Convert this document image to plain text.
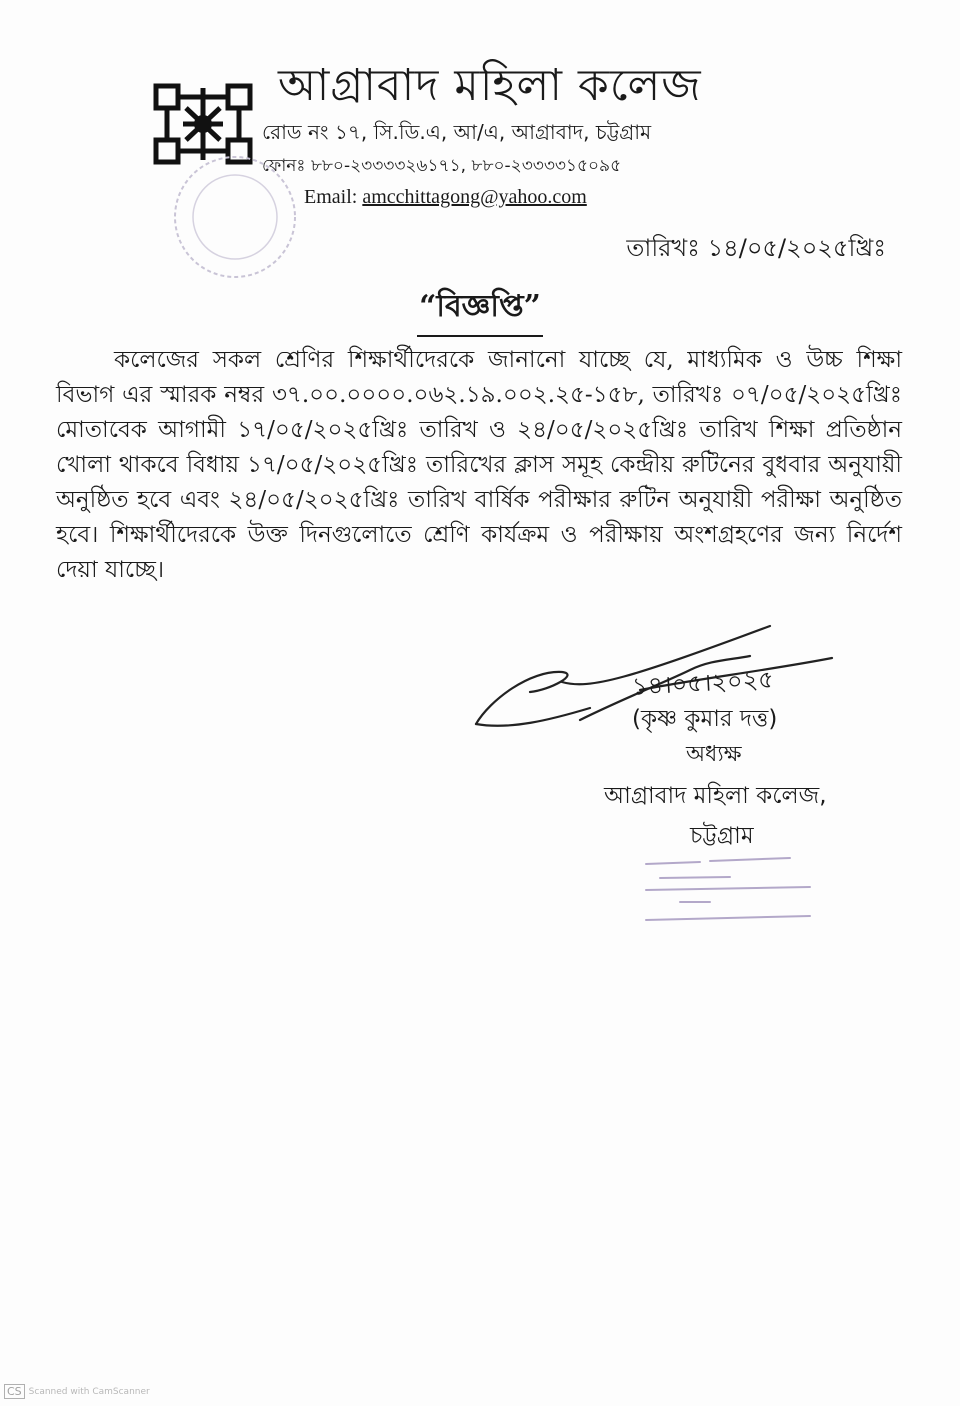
আগ্রাবাদ মহিলা কলেজ
রোড নং ১৭, সি.ডি.এ, আ/এ, আগ্রাবাদ, চট্টগ্রাম
ফোনঃ ৮৮০-২৩৩৩৩২৬১৭১, ৮৮০-২৩৩৩৩১৫০৯৫
Email: amcchittagong@yahoo.com
তারিখঃ ১৪/০৫/২০২৫খ্রিঃ
“বিজ্ঞপ্তি”
কলেজের সকল শ্রেণির শিক্ষার্থীদেরকে জানানো যাচ্ছে যে, মাধ্যমিক ও উচ্চ শিক্ষা বিভাগ এর স্মারক নম্বর ৩৭.০০.০০০০.০৬২.১৯.০০২.২৫-১৫৮, তারিখঃ ০৭/০৫/২০২৫খ্রিঃ মোতাবেক আগামী ১৭/০৫/২০২৫খ্রিঃ তারিখ ও ২৪/০৫/২০২৫খ্রিঃ তারিখ শিক্ষা প্রতিষ্ঠান খোলা থাকবে বিধায় ১৭/০৫/২০২৫খ্রিঃ তারিখের ক্লাস সমূহ কেন্দ্রীয় রুটিনের বুধবার অনুযায়ী অনুষ্ঠিত হবে এবং ২৪/০৫/২০২৫খ্রিঃ তারিখ বার্ষিক পরীক্ষার রুটিন অনুযায়ী পরীক্ষা অনুষ্ঠিত হবে। শিক্ষার্থীদেরকে উক্ত দিনগুলোতে শ্রেণি কার্যক্রম ও পরীক্ষায় অংশগ্রহণের জন্য নির্দেশ দেয়া যাচ্ছে।
১৪।০৫।২০২৫
(কৃষ্ণ কুমার দত্ত)
অধ্যক্ষ
আগ্রাবাদ মহিলা কলেজ,
চট্টগ্রাম
CS Scanned with CamScanner
